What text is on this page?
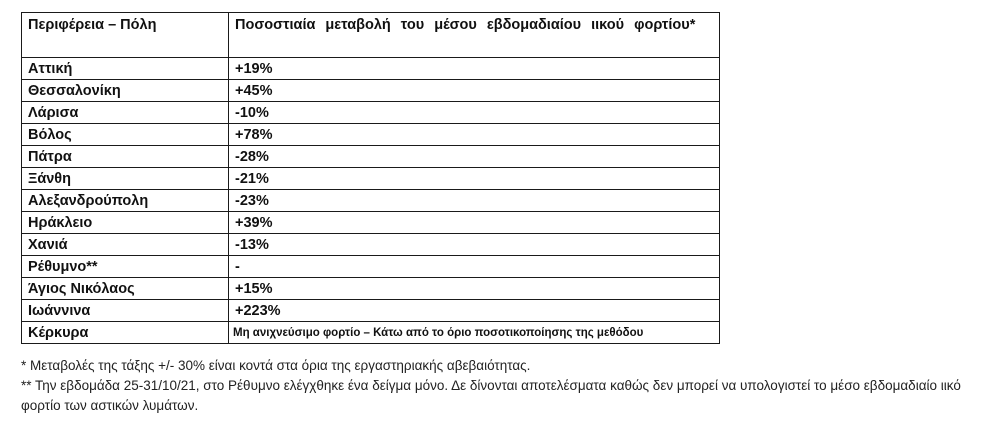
Περιφέρεια – Πόλη	Ποσοστιαία μεταβολή του μέσου εβδομαδιαίου ιικού φορτίου*
Αττική	+19%
Θεσσαλονίκη	+45%
Λάρισα	-10%
Βόλος	+78%
Πάτρα	-28%
Ξάνθη	-21%
Αλεξανδρούπολη	-23%
Ηράκλειο	+39%
Χανιά	-13%
Ρέθυμνο**	-
Άγιος Νικόλαος	+15%
Ιωάννινα	+223%
Κέρκυρα	Μη ανιχνεύσιμο φορτίο – Κάτω από το όριο ποσοτικοποίησης της μεθόδου

* Μεταβολές της τάξης +/- 30% είναι κοντά στα όρια της εργαστηριακής αβεβαιότητας.

** Την εβδομάδα 25-31/10/21, στο Ρέθυμνο ελέγχθηκε ένα δείγμα μόνο. Δε δίνονται αποτελέσματα καθώς δεν μπορεί να υπολογιστεί το μέσο εβδομαδιαίο ιικό φορτίο των αστικών λυμάτων.
